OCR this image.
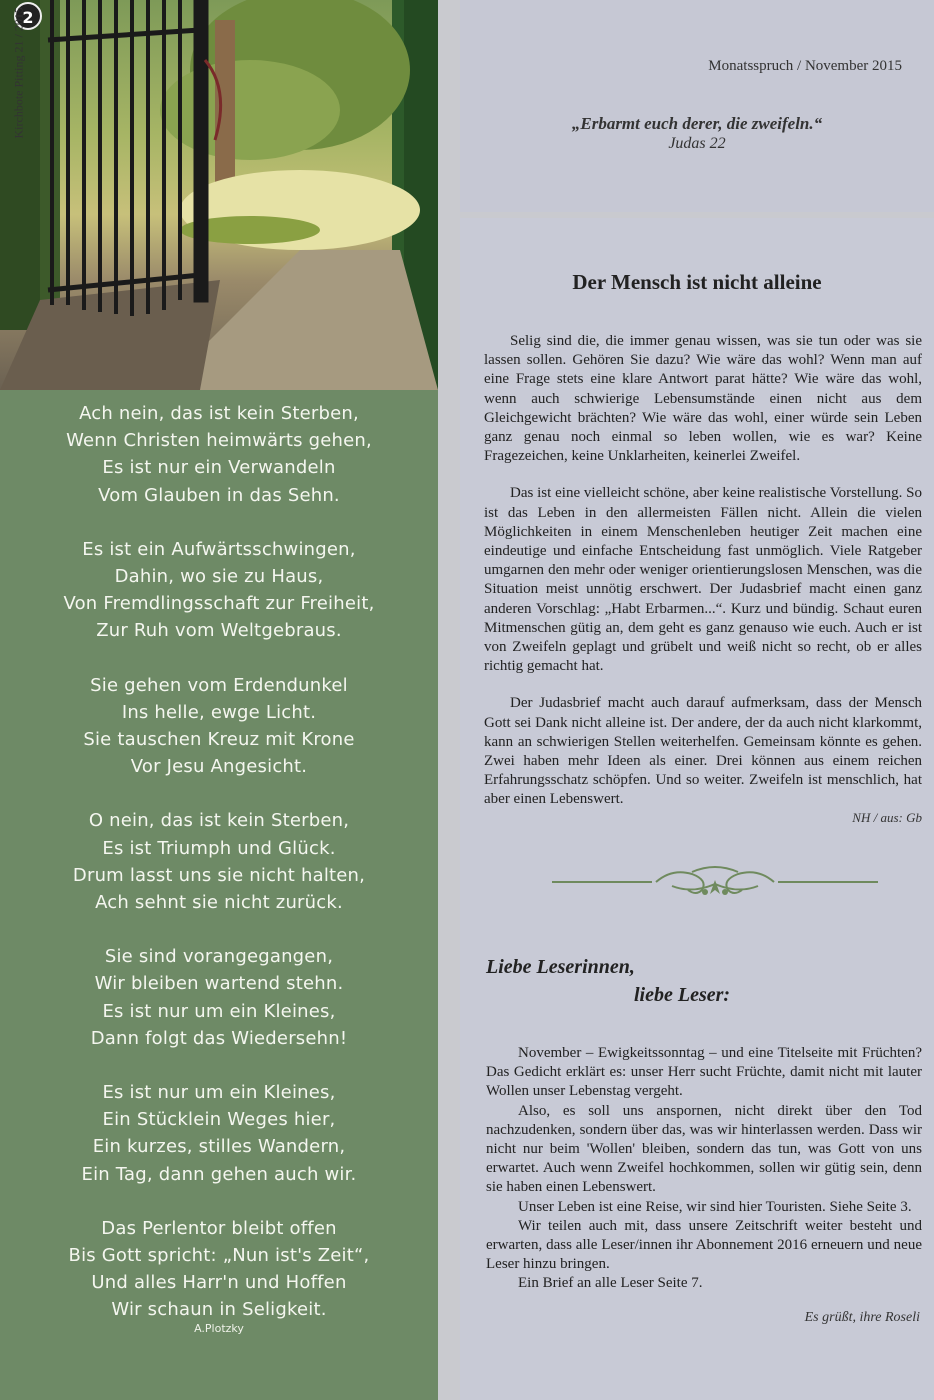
2
Kirchbote Pitting 21 / 2015
Ach nein, das ist kein Sterben,
Wenn Christen heimwärts gehen,
Es ist nur ein Verwandeln
Vom Glauben in das Sehn.
Es ist ein Aufwärtsschwingen,
Dahin, wo sie zu Haus,
Von Fremdlingsschaft zur Freiheit,
Zur Ruh vom Weltgebraus.
Sie gehen vom Erdendunkel
Ins helle, ewge Licht.
Sie tauschen Kreuz mit Krone
Vor Jesu Angesicht.
O nein, das ist kein Sterben,
Es ist Triumph und Glück.
Drum lasst uns sie nicht halten,
Ach sehnt sie nicht zurück.
Sie sind vorangegangen,
Wir bleiben wartend stehn.
Es ist nur um ein Kleines,
Dann folgt das Wiedersehn!
Es ist nur um ein Kleines,
Ein Stücklein Weges hier,
Ein kurzes, stilles Wandern,
Ein Tag, dann gehen auch wir.
Das Perlentor bleibt offen
Bis Gott spricht: „Nun ist's Zeit“,
Und alles Harr'n und Hoffen
Wir schaun in Seligkeit.
A.Plotzky
Monatsspruch / November 2015
„Erbarmt euch derer, die zweifeln.“
Judas 22
Der Mensch ist nicht alleine

Selig sind die, die immer genau wissen, was sie tun oder was sie lassen sollen. Gehören Sie dazu? Wie wäre das wohl? Wenn man auf eine Frage stets eine klare Antwort parat hätte? Wie wäre das wohl, wenn auch schwierige Lebensumstände einen nicht aus dem Gleichgewicht brächten? Wie wäre das wohl, einer würde sein Leben ganz genau noch einmal so leben wollen, wie es war? Keine Fragezeichen, keine Unklarheiten, keinerlei Zweifel.

Das ist eine vielleicht schöne, aber keine realistische Vorstellung. So ist das Leben in den allermeisten Fällen nicht. Allein die vielen Möglichkeiten in einem Menschenleben heutiger Zeit machen eine eindeutige und einfache Entscheidung fast unmöglich. Viele Ratgeber umgarnen den mehr oder weniger orientierungslosen Menschen, was die Situation meist unnötig erschwert. Der Judasbrief macht einen ganz anderen Vorschlag: „Habt Erbarmen...“. Kurz und bündig. Schaut euren Mitmenschen gütig an, dem geht es ganz genauso wie euch. Auch er ist von Zweifeln geplagt und grübelt und weiß nicht so recht, ob er alles richtig gemacht hat.

Der Judasbrief macht auch darauf aufmerksam, dass der Mensch Gott sei Dank nicht alleine ist. Der andere, der da auch nicht klarkommt, kann an schwierigen Stellen weiterhelfen. Gemeinsam könnte es gehen. Zwei haben mehr Ideen als einer. Drei können aus einem reichen Erfahrungsschatz schöpfen. Und so weiter. Zweifeln ist menschlich, hat aber einen Lebenswert.

NH / aus: Gb
Liebe Leserinnen,
liebe Leser:

November – Ewigkeitssonntag – und eine Titelseite mit Früchten? Das Gedicht erklärt es: unser Herr sucht Früchte, damit nicht mit lauter Wollen unser Lebenstag vergeht.

Also, es soll uns anspornen, nicht direkt über den Tod nachzudenken, sondern über das, was wir hinterlassen werden. Dass wir nicht nur beim 'Wollen' bleiben, sondern das tun, was Gott von uns erwartet. Auch wenn Zweifel hochkommen, sollen wir gütig sein, denn sie haben einen Lebenswert.

Unser Leben ist eine Reise, wir sind hier Touristen. Siehe Seite 3.

Wir teilen auch mit, dass unsere Zeitschrift weiter besteht und erwarten, dass alle Leser/innen ihr Abonnement 2016 erneuern und neue Leser hinzu bringen.

Ein Brief an alle Leser Seite 7.

Es grüßt, ihre Roseli
